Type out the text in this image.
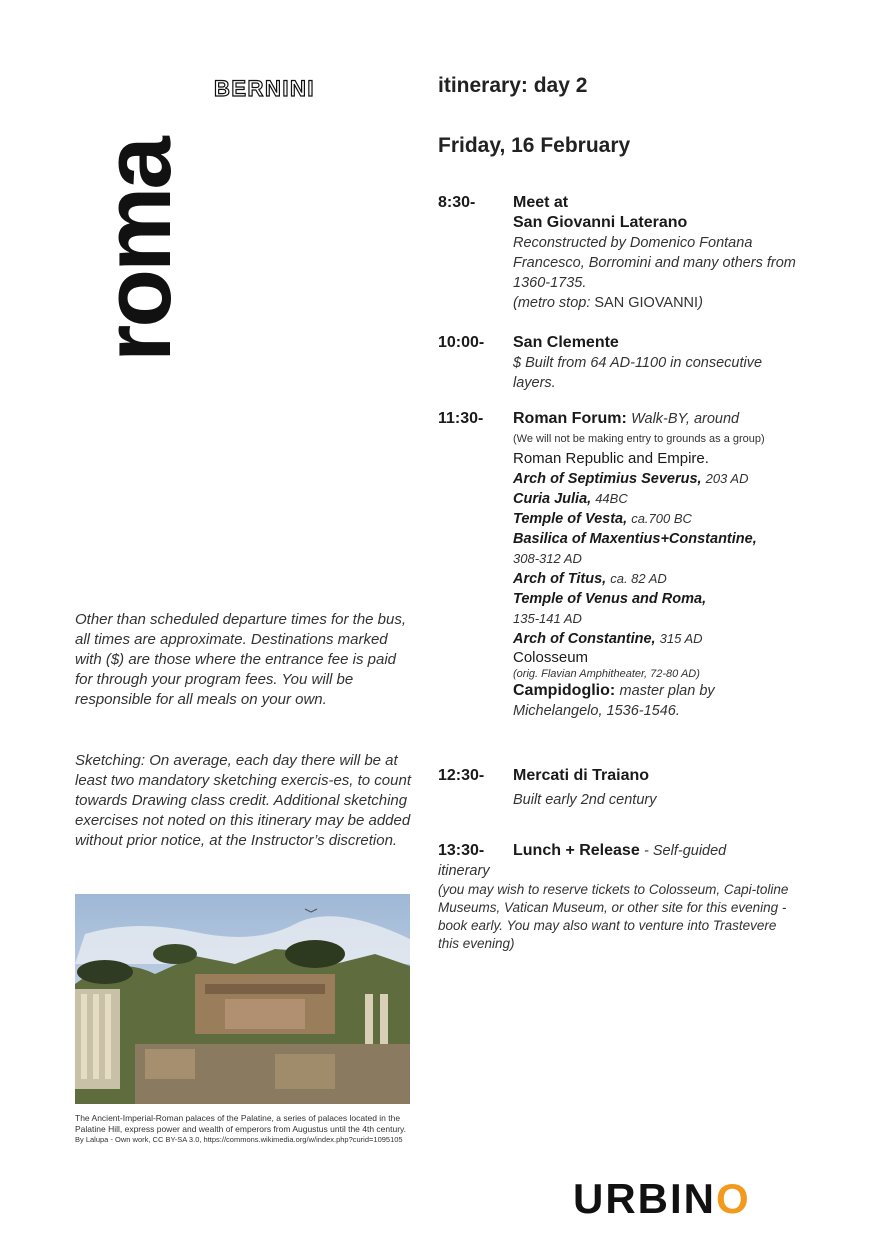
roma
BERNINI	itinerary: day 2
Friday, 16 February
8:30- Meet at
San Giovanni Laterano
Reconstructed by Domenico Fontana Francesco, Borromini and many others from 1360-1735.
(metro stop: SAN GIOVANNI)
10:00- San Clemente
$ Built from 64 AD-1100 in consecutive layers.
11:30- Roman Forum: Walk-BY, around
(We will not be making entry to grounds as a group)
Roman Republic and Empire.
Arch of Septimius Severus, 203 AD
Curia Julia, 44BC
Temple of Vesta, ca.700 BC
Basilica of Maxentius+Constantine,
308-312 AD
Arch of Titus, ca. 82 AD
Temple of Venus and Roma,
135-141 AD
Arch of Constantine, 315 AD
Colosseum
(orig. Flavian Amphitheater, 72-80 AD)
Campidoglio: master plan by Michelangelo, 1536-1546.
12:30- Mercati di Traiano
Built early 2nd century
13:30-	Lunch + Release - Self-guided itinerary
(you may wish to reserve tickets to Colosseum, Capi-toline Museums, Vatican Museum, or other site for this evening - book early. You may also want to venture into Trastevere this evening)
Other than scheduled departure times for the bus, all times are approximate. Destinations marked with ($) are those where the entrance fee is paid for through your program fees. You will be responsible for all meals on your own.
Sketching: On average, each day there will be at least two mandatory sketching exercis-es, to count towards Drawing class credit. Additional sketching exercises not noted on this itinerary may be added without prior notice, at the Instructor’s discretion.
The Ancient-Imperial-Roman palaces of the Palatine, a series of palaces located in the Palatine Hill, express power and wealth of emperors from Augustus until the 4th century.
By Lalupa - Own work, CC BY-SA 3.0, https://commons.wikimedia.org/w/index.php?curid=1095105
URBINO
